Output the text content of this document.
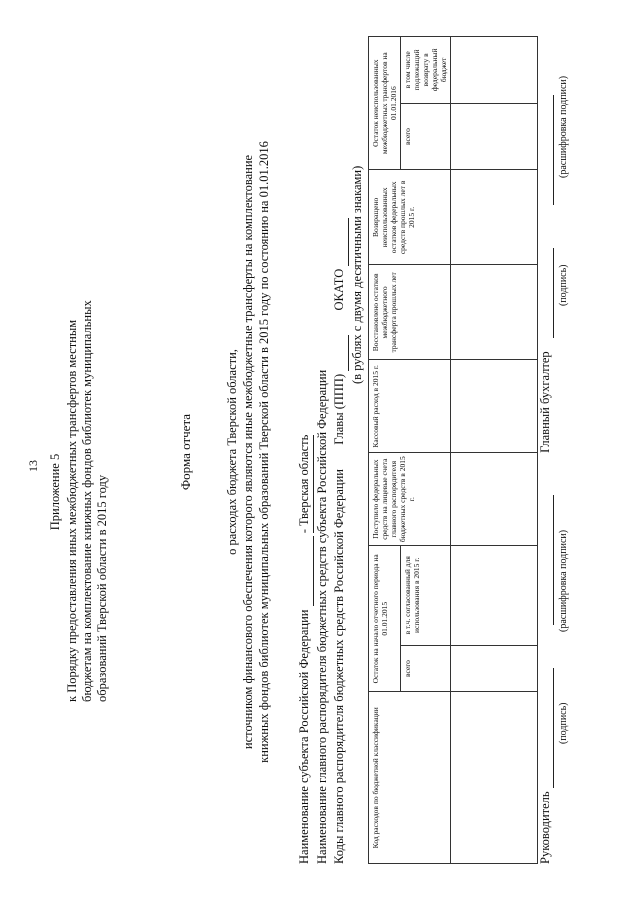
13 Приложение 5 к Порядку предоставления иных межбюджетных трансфертов местным бюджетам на комплектование книжных фондов библиотек муниципальных образований Тверской области в 2015 году
Форма отчета	о расходах бюджета Тверской области, источником финансового обеспечения которого являются иные межбюджетные трансферты на комплектование книжных фондов библиотек муниципальных образований Тверской области в 2015 году по состоянию на 01.01.2016 Наименование субъекта Российской Федерации   - Тверская область Наименование главного распорядителя бюджетных средств субъекта Российской Федерации Коды главного распорядителя бюджетных средств Российской Федерации  Главы (ППП)    ОКАТО (в рублях с двумя десятичными знаками)
Код расходов по бюджетной классификации	Остаток на начало отчетного периода на 01.01.2015		Поступило федеральных средств на лицевые счета главного распорядителя бюджетных средств в 2015 г.	Кассовый расход в 2015 г.	Восстановлено остатков межбюджетного трансферта прошлых лет	Возвращено неиспользованных остатков федеральных средств прошлых лет в 2015 г.	Остаток неиспользованных межбюджетных трансфертов на 01.01.2016	
	всего	в т.ч. согласованный для использования в 2015 г.					всего	в том числе подлежащий возврату в федеральный бюджет

Руководитель      Главный бухгалтер
(подпись)
(расшифровка подписи)
(подпись)
(расшифровка подписи)
